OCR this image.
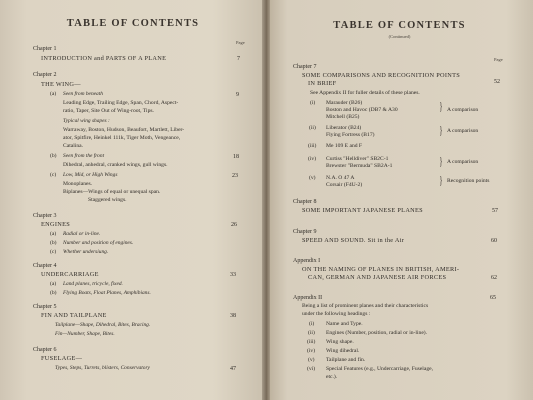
TABLE OF CONTENTS
Page
Chapter 1
INTRODUCTION and PARTS OF A PLANE	7
Chapter 2
THE WING—
(a) Seen from beneath	9
Leading Edge, Trailing Edge, Span, Chord, Aspect-
ratio, Taper, Site Out of Wing-root, Tips.
Typical wing shapes :
Warraway, Boston, Hudson, Beaufort, Martlett, Liber-
ator, Spitfire, Heinkel 111k, Tiger Moth, Vengeance,
Catalina.
(b) Seen from the front	18
Dihedral, anhedral, cranked wings, gull wings.
(c) Low, Mid, or High Wings	23
Monoplanes.
Biplanes—Wings of equal or unequal span.
Staggered wings.
Chapter 3
ENGINES	26
(a) Radial or in-line.
(b) Number and position of engines.
(c) Whether undersiung.
Chapter 4
UNDERCARRIAGE	33
(a) Land planes, tricycle, fixed.
(b) Flying Boats, Float Planes, Amphibians.
Chapter 5
FIN AND TAILPLANE	38
Tailplane—Shape, Dihedral, Bites, Bracing.
Fin—Number, Shape, Bites.
Chapter 6
FUSELAGE—
Types, Steps, Turrets, blisters, Conservatory	47
TABLE OF CONTENTS
(Continued)
Page
Chapter 7
SOME COMPARISONS AND RECOGNITION POINTS
IN BRIEF	52
See Appendix II for fuller details of these planes.
(i) Marauder (B26)
Boston and Havoc (DB7 & A30
Mitchell (B25)
} A comparison
(ii) Liberator (B24)
Flying Fortress (B17)	} A comparison
(iii) Me 109 E and F
(iv) Curtiss "Helldiver" SB2C-1
Brewster "Bermuda" SB2A-1	} A comparison
(v) N.A. O 47 A
Corsair (F4U-2)	} Recognition points
Chapter 8
SOME IMPORTANT JAPANESE PLANES	57
Chapter 9
SPEED AND SOUND. Sit in the Air	60
Appendix I
ON THE NAMING OF PLANES IN BRITISH, AMERI-
CAN, GERMAN AND JAPANESE AIR FORCES	62
Appendix II	65
Being a list of prominent planes and their characteristics
under the following headings :
(i) Name and Type.
(ii) Engines (Number, position, radial or in-line).
(iii) Wing shape.
(iv) Wing dihedral.
(v) Tailplane and fin.
(vi) Special Features (e.g., Undercarriage, Fuselage,
etc.).
